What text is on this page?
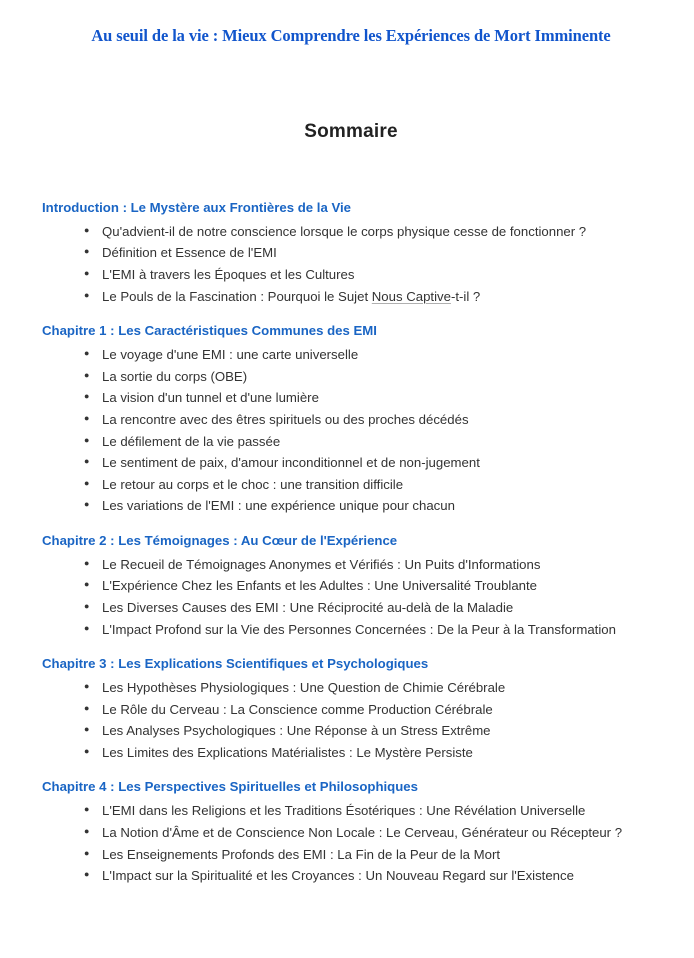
Au seuil de la vie : Mieux Comprendre les Expériences de Mort Imminente
Sommaire
Introduction : Le Mystère aux Frontières de la Vie
● Qu'advient-il de notre conscience lorsque le corps physique cesse de fonctionner ?
● Définition et Essence de l'EMI
● L'EMI à travers les Époques et les Cultures
● Le Pouls de la Fascination : Pourquoi le Sujet Nous Captive-t-il ?
Chapitre 1 : Les Caractéristiques Communes des EMI
● Le voyage d'une EMI : une carte universelle
● La sortie du corps (OBE)
● La vision d'un tunnel et d'une lumière
● La rencontre avec des êtres spirituels ou des proches décédés
● Le défilement de la vie passée
● Le sentiment de paix, d'amour inconditionnel et de non-jugement
● Le retour au corps et le choc : une transition difficile
● Les variations de l'EMI : une expérience unique pour chacun
Chapitre 2 : Les Témoignages : Au Cœur de l'Expérience
● Le Recueil de Témoignages Anonymes et Vérifiés : Un Puits d'Informations
● L'Expérience Chez les Enfants et les Adultes : Une Universalité Troublante
● Les Diverses Causes des EMI : Une Réciprocité au-delà de la Maladie
● L'Impact Profond sur la Vie des Personnes Concernées : De la Peur à la Transformation
Chapitre 3 : Les Explications Scientifiques et Psychologiques
● Les Hypothèses Physiologiques : Une Question de Chimie Cérébrale
● Le Rôle du Cerveau : La Conscience comme Production Cérébrale
● Les Analyses Psychologiques : Une Réponse à un Stress Extrême
● Les Limites des Explications Matérialistes : Le Mystère Persiste
Chapitre 4 : Les Perspectives Spirituelles et Philosophiques
● L'EMI dans les Religions et les Traditions Ésotériques : Une Révélation Universelle
● La Notion d'Âme et de Conscience Non Locale : Le Cerveau, Générateur ou Récepteur ?
● Les Enseignements Profonds des EMI : La Fin de la Peur de la Mort
● L'Impact sur la Spiritualité et les Croyances : Un Nouveau Regard sur l'Existence
